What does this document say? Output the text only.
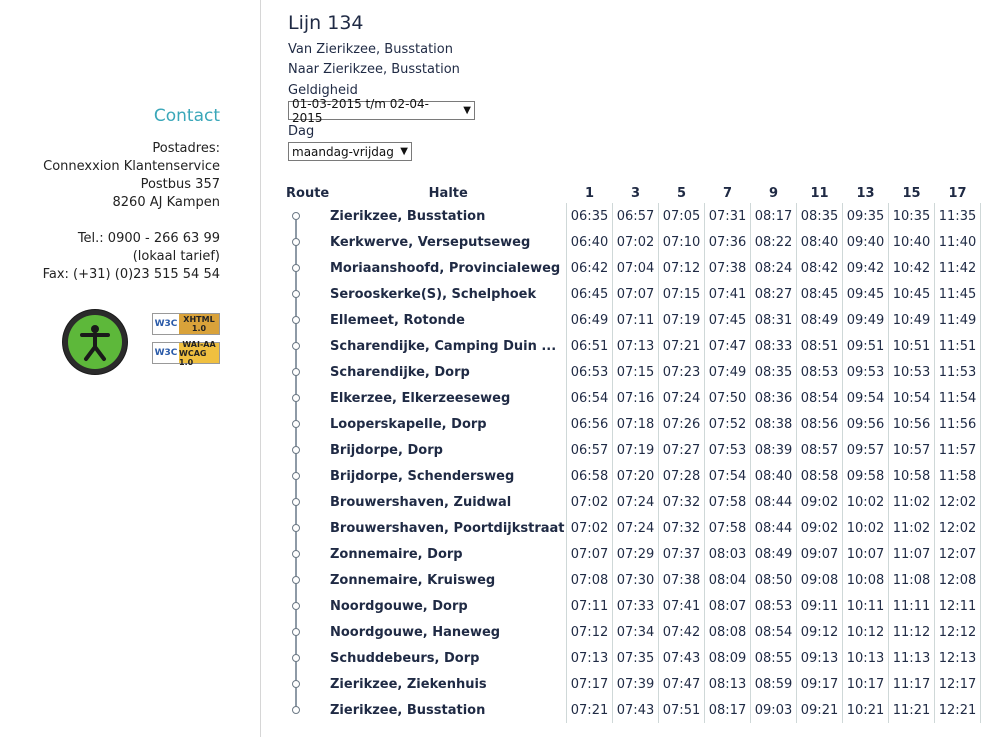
Contact
Postadres:
Connexxion Klantenservice
Postbus 357
8260 AJ Kampen
Tel.: 0900 - 266 63 99
(lokaal tarief)
Fax: (+31) (0)23 515 54 54
W3C XHTML
1.0
W3C
WAI-AA
WCAG 1.0
Lijn 134
Van Zierikzee, Busstation
Naar Zierikzee, Busstation
Geldigheid
01-03-2015 t/m 02-04-2015	▼
Dag
maandag-vrijdag ▼
Route	Halte	1	3	5	7	9	11	13	15	17

	Zierikzee, Busstation	06:35	06:57	07:05	07:31	08:17	08:35	09:35	10:35	11:35

	Kerkwerve, Verseputseweg	06:40	07:02	07:10	07:36	08:22	08:40	09:40	10:40	11:40

	Moriaanshoofd, Provincialeweg	06:42	07:04	07:12	07:38	08:24	08:42	09:42	10:42	11:42

	Serooskerke(S), Schelphoek	06:45	07:07	07:15	07:41	08:27	08:45	09:45	10:45	11:45

	Ellemeet, Rotonde	06:49	07:11	07:19	07:45	08:31	08:49	09:49	10:49	11:49

	Scharendijke, Camping Duin ...	06:51	07:13	07:21	07:47	08:33	08:51	09:51	10:51	11:51

	Scharendijke, Dorp	06:53	07:15	07:23	07:49	08:35	08:53	09:53	10:53	11:53

	Elkerzee, Elkerzeeseweg	06:54	07:16	07:24	07:50	08:36	08:54	09:54	10:54	11:54

	Looperskapelle, Dorp	06:56	07:18	07:26	07:52	08:38	08:56	09:56	10:56	11:56

	Brijdorpe, Dorp	06:57	07:19	07:27	07:53	08:39	08:57	09:57	10:57	11:57

	Brijdorpe, Schendersweg	06:58	07:20	07:28	07:54	08:40	08:58	09:58	10:58	11:58

	Brouwershaven, Zuidwal	07:02	07:24	07:32	07:58	08:44	09:02	10:02	11:02	12:02

	Brouwershaven, Poortdijkstraat	07:02	07:24	07:32	07:58	08:44	09:02	10:02	11:02	12:02

	Zonnemaire, Dorp	07:07	07:29	07:37	08:03	08:49	09:07	10:07	11:07	12:07

	Zonnemaire, Kruisweg	07:08	07:30	07:38	08:04	08:50	09:08	10:08	11:08	12:08

	Noordgouwe, Dorp	07:11	07:33	07:41	08:07	08:53	09:11	10:11	11:11	12:11

	Noordgouwe, Haneweg	07:12	07:34	07:42	08:08	08:54	09:12	10:12	11:12	12:12

	Schuddebeurs, Dorp	07:13	07:35	07:43	08:09	08:55	09:13	10:13	11:13	12:13

	Zierikzee, Ziekenhuis	07:17	07:39	07:47	08:13	08:59	09:17	10:17	11:17	12:17

	Zierikzee, Busstation	07:21	07:43	07:51	08:17	09:03	09:21	10:21	11:21	12:21
